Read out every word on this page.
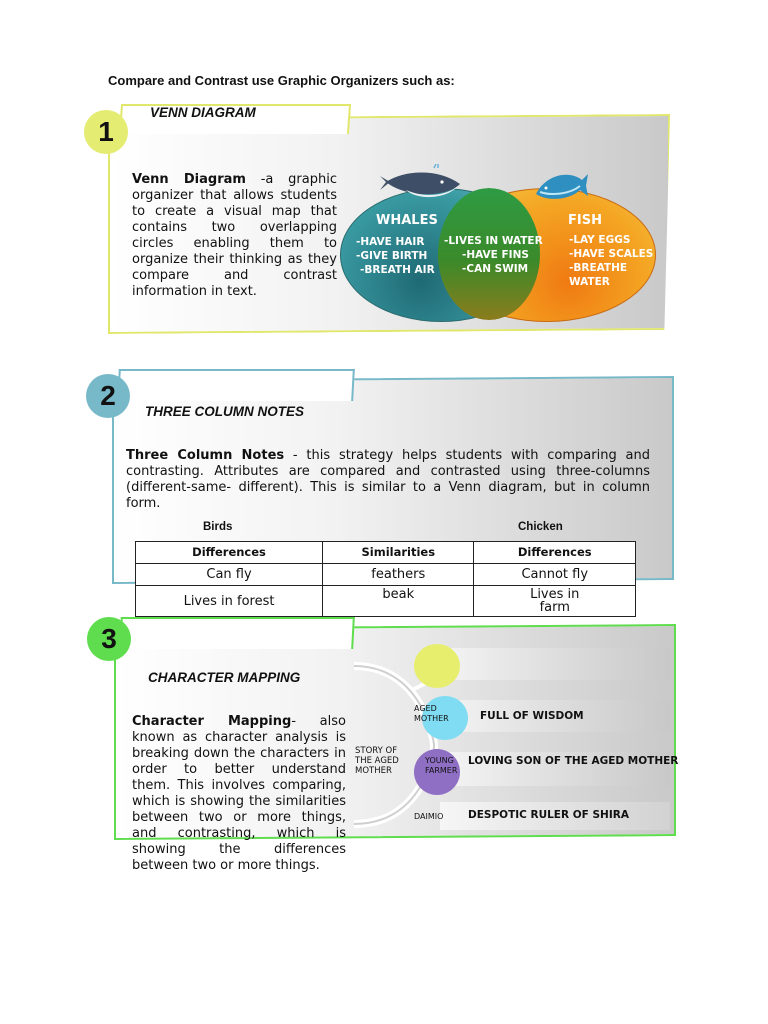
Compare and Contrast use Graphic Organizers such as:
1
VENN DIAGRAM
Venn Diagram -a graphic organizer that allows students to create a visual map that contains two overlapping circles enabling them to organize their thinking as they compare and contrast information in text.
WHALES
-HAVE HAIR
-GIVE BIRTH
-BREATH AIR
-LIVES IN WATER
-HAVE FINS
-CAN SWIM
FISH
-LAY EGGS
-HAVE SCALES
-BREATHE
WATER
2
THREE COLUMN NOTES
Three Column Notes - this strategy helps students with comparing and contrasting. Attributes are compared and contrasted using three-columns (different-same- different). This is similar to a Venn diagram, but in column form.
Birds	Chicken
Differences	Similarities	Differences
Can fly	feathers	Cannot fly
Lives in forest	beak	Lives in farm
3
CHARACTER MAPPING
Character Mapping- also known as character analysis is breaking down the characters in order to better understand them. This involves comparing, which is showing the similarities between two or more things, and contrasting, which is showing the differences between two or more things.
STORY OF THE AGED MOTHER
AGED MOTHER
YOUNG FARMER
DAIMIO
FULL OF WISDOM
LOVING SON OF THE AGED MOTHER
DESPOTIC RULER OF SHIRA
